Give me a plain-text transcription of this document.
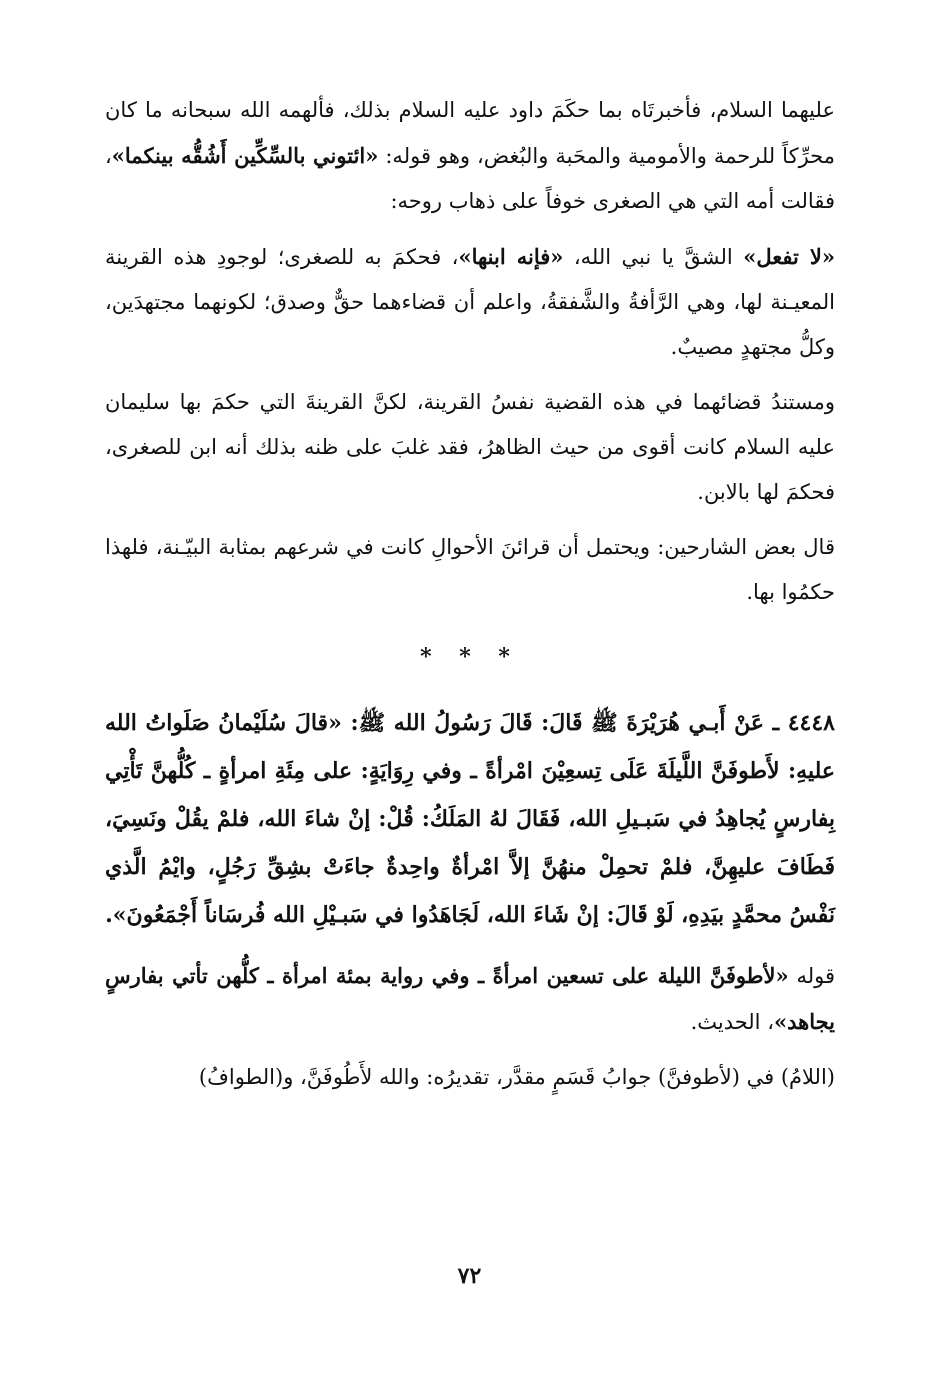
عليهما السلام، فأخبرتَاه بما حكَمَ داود عليه السلام بذلك، فألهمه الله سبحانه ما كان محرِّكاً للرحمة والأمومية والمحَبة والبُغض، وهو قوله: «ائتوني بالسِّكِّين أَشُقُّه بينكما»، فقالت أمه التي هي الصغرى خوفاً على ذهاب روحه:

«لا تفعل» الشقَّ يا نبي الله، «فإنه ابنها»، فحكمَ به للصغرى؛ لوجودِ هذه القرينة المعيـنة لها، وهي الرَّأفةُ والشَّفقةُ، واعلم أن قضاءهما حقٌّ وصدق؛ لكونهما مجتهدَين، وكلُّ مجتهدٍ مصيبٌ.

ومستندُ قضائهما في هذه القضية نفسُ القرينة، لكنَّ القرينةَ التي حكمَ بها سليمان عليه السلام كانت أقوى من حيث الظاهرُ، فقد غلبَ على ظنه بذلك أنه ابن للصغرى، فحكمَ لها بالابن.

قال بعض الشارحين: ويحتمل أن قرائنَ الأحوالِ كانت في شرعهم بمثابة البيّـنة، فلهذا حكمُوا بها.

* * *

٤٤٤٨ ـ عَنْ أَبـي هُرَيْرَةَ ﷺ قَالَ: قَالَ رَسُولُ الله ﷺ: «قالَ سُلَيْمانُ صَلَواتُ الله عليهِ: لأَطوفَنَّ اللَّيلَةَ عَلَى تِسعِيْنَ امْرأةً ـ وفي رِوَايَةٍ: على مِئَةِ امرأةٍ ـ كُلُّهنَّ تَأْتِي بِفارسٍ يُجاهِدُ في سَبـيلِ الله، فَقَالَ لهُ المَلَكُ: قُلْ: إنْ شاءَ الله، فلمْ يقُلْ ونَسِيَ، فَطَافَ عليهِنَّ، فلمْ تحمِلْ منهُنَّ إلاَّ امْرأةٌ واحِدةٌ جاءَتْ بشِقِّ رَجُلٍ، وايْمُ الَّذي نَفْسُ محمَّدٍ بيَدِهِ، لَوْ قَالَ: إنْ شَاءَ الله، لَجَاهَدُوا في سَبـيْلِ الله فُرسَاناً أَجْمَعُونَ».

قوله «لأطوفَنَّ الليلة على تسعين امرأةً ـ وفي رواية بمئة امرأة ـ كلُّهن تأتي بفارسٍ يجاهد»، الحديث.

(اللامُ) في (لأطوفنَّ) جوابُ قَسَمٍ مقدَّر، تقديرُه: والله لأَطُوفَنَّ، و(الطوافُ)

٧٢
